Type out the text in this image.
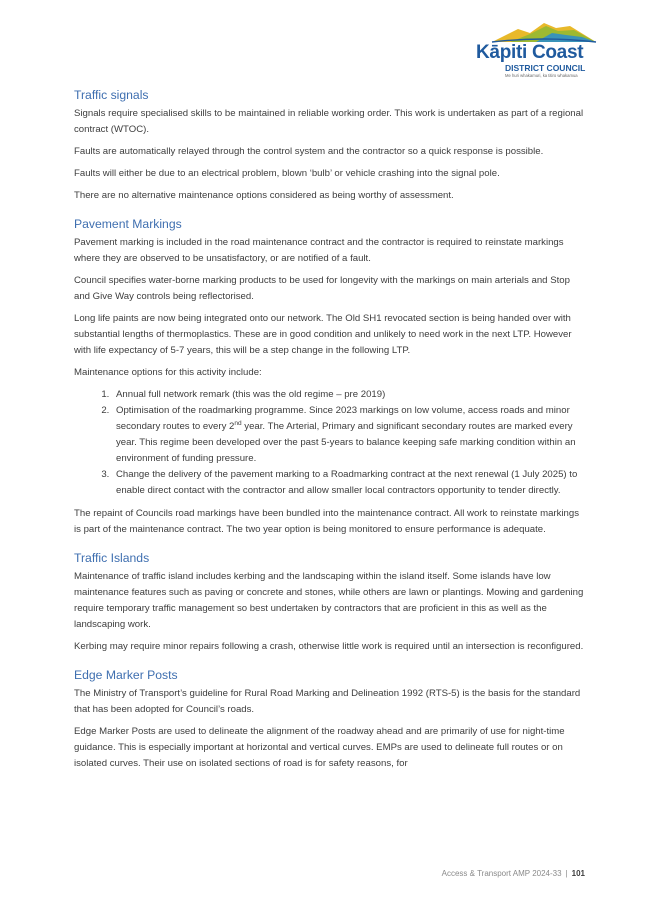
Kāpiti Coast
DISTRICT COUNCIL
Me huri whakamuri, ka titiro whakamua
Traffic signals

Signals require specialised skills to be maintained in reliable working order. This work is undertaken as part of a regional contract (WTOC).

Faults are automatically relayed through the control system and the contractor so a quick response is possible.

Faults will either be due to an electrical problem, blown ‘bulb’ or vehicle crashing into the signal pole.

There are no alternative maintenance options considered as being worthy of assessment.

Pavement Markings

Pavement marking is included in the road maintenance contract and the contractor is required to reinstate markings where they are observed to be unsatisfactory, or are notified of a fault.

Council specifies water-borne marking products to be used for longevity with the markings on main arterials and Stop and Give Way controls being reflectorised.

Long life paints are now being integrated onto our network. The Old SH1 revocated section is being handed over with substantial lengths of thermoplastics. These are in good condition and unlikely to need work in the next LTP. However with life expectancy of 5-7 years, this will be a step change in the following LTP.

Maintenance options for this activity include:

1. Annual full network remark (this was the old regime – pre 2019)
2. Optimisation of the roadmarking programme. Since 2023 markings on low volume, access roads and minor secondary routes to every 2nd year. The Arterial, Primary and significant secondary routes are marked every year. This regime been developed over the past 5-years to balance keeping safe marking condition within an environment of funding pressure.
3. Change the delivery of the pavement marking to a Roadmarking contract at the next renewal (1 July 2025) to enable direct contact with the contractor and allow smaller local contractors opportunity to tender directly.

The repaint of Councils road markings have been bundled into the maintenance contract. All work to reinstate markings is part of the maintenance contract. The two year option is being monitored to ensure performance is adequate.

Traffic Islands

Maintenance of traffic island includes kerbing and the landscaping within the island itself. Some islands have low maintenance features such as paving or concrete and stones, while others are lawn or plantings. Mowing and gardening require temporary traffic management so best undertaken by contractors that are proficient in this as well as the landscaping work.

Kerbing may require minor repairs following a crash, otherwise little work is required until an intersection is reconfigured.

Edge Marker Posts

The Ministry of Transport’s guideline for Rural Road Marking and Delineation 1992 (RTS-5) is the basis for the standard that has been adopted for Council’s roads.

Edge Marker Posts are used to delineate the alignment of the roadway ahead and are primarily of use for night-time guidance. This is especially important at horizontal and vertical curves. EMPs are used to delineate full routes or on isolated curves. Their use on isolated sections of road is for safety reasons, for

Access & Transport AMP 2024-33 | 101
